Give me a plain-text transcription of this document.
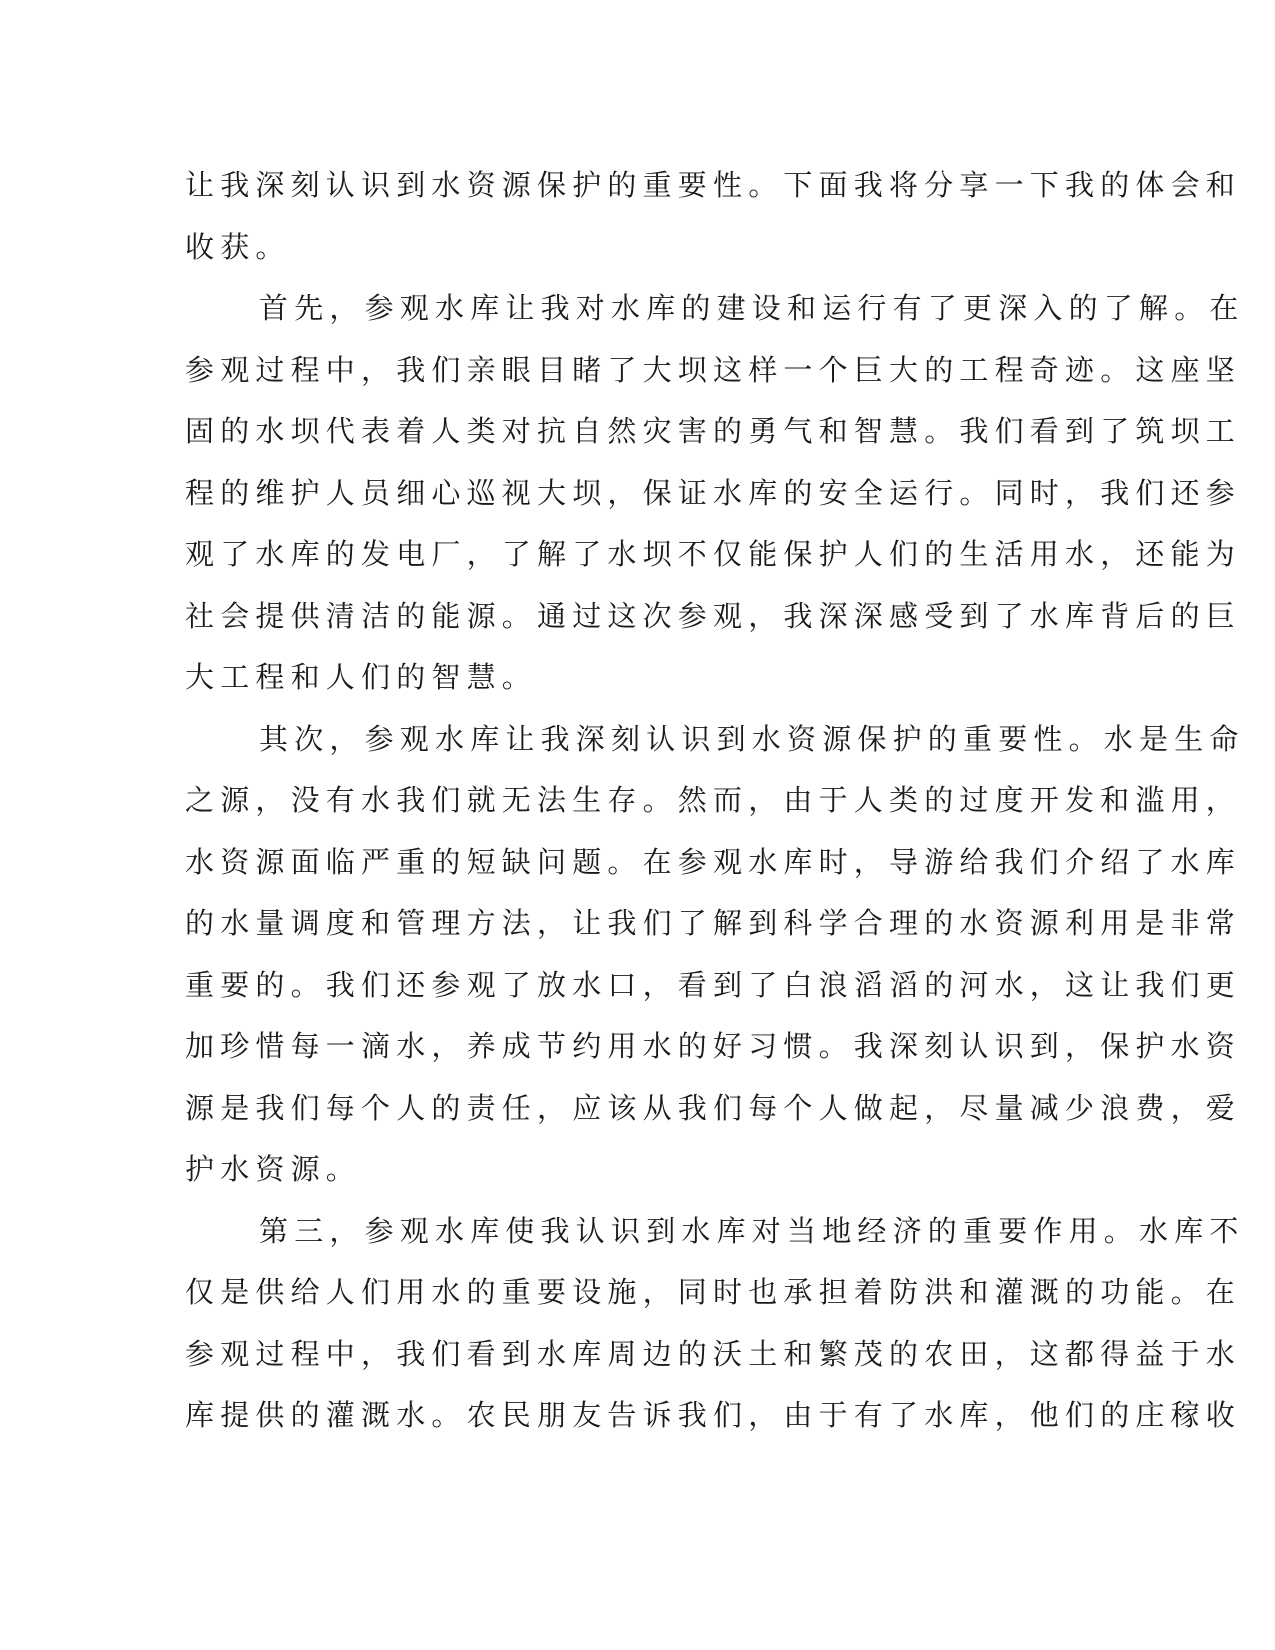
让我深刻认识到水资源保护的重要性。下面我将分享一下我的体会和
收获。
首先，参观水库让我对水库的建设和运行有了更深入的了解。在
参观过程中，我们亲眼目睹了大坝这样一个巨大的工程奇迹。这座坚
固的水坝代表着人类对抗自然灾害的勇气和智慧。我们看到了筑坝工
程的维护人员细心巡视大坝，保证水库的安全运行。同时，我们还参
观了水库的发电厂，了解了水坝不仅能保护人们的生活用水，还能为
社会提供清洁的能源。通过这次参观，我深深感受到了水库背后的巨
大工程和人们的智慧。
其次，参观水库让我深刻认识到水资源保护的重要性。水是生命
之源，没有水我们就无法生存。然而，由于人类的过度开发和滥用，
水资源面临严重的短缺问题。在参观水库时，导游给我们介绍了水库
的水量调度和管理方法，让我们了解到科学合理的水资源利用是非常
重要的。我们还参观了放水口，看到了白浪滔滔的河水，这让我们更
加珍惜每一滴水，养成节约用水的好习惯。我深刻认识到，保护水资
源是我们每个人的责任，应该从我们每个人做起，尽量减少浪费，爱
护水资源。
第三，参观水库使我认识到水库对当地经济的重要作用。水库不
仅是供给人们用水的重要设施，同时也承担着防洪和灌溉的功能。在
参观过程中，我们看到水库周边的沃土和繁茂的农田，这都得益于水
库提供的灌溉水。农民朋友告诉我们，由于有了水库，他们的庄稼收
